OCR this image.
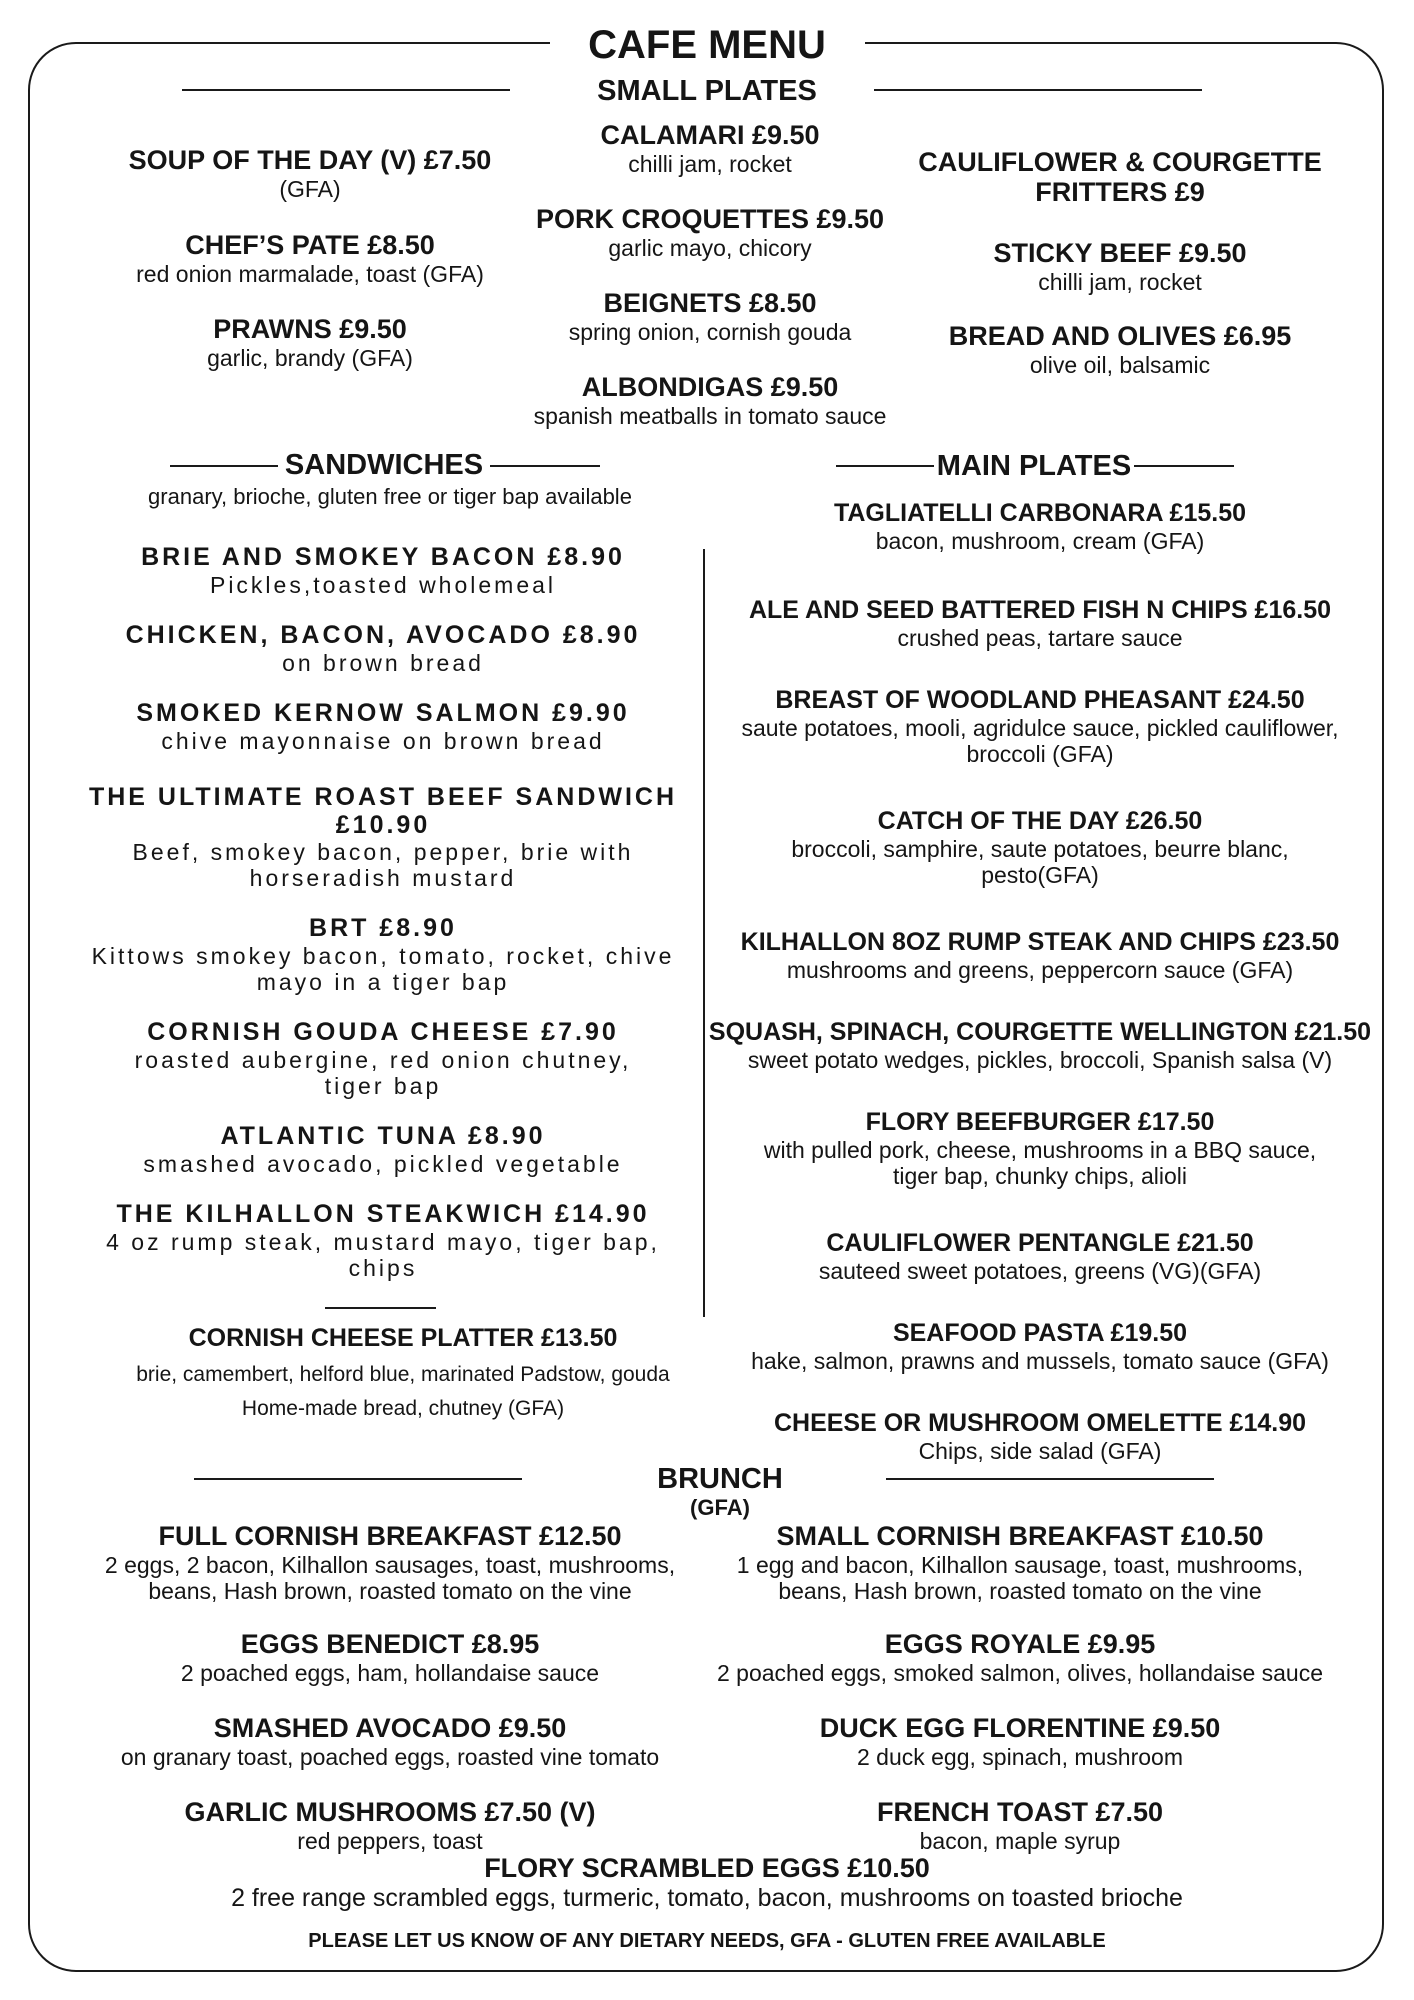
CAFE MENU
SMALL PLATES
SOUP OF THE DAY (V) £7.50
(GFA)
CHEF’S PATE £8.50
red onion marmalade, toast (GFA)
PRAWNS £9.50
garlic, brandy (GFA)
CALAMARI £9.50
chilli jam, rocket
PORK CROQUETTES £9.50
garlic mayo, chicory
BEIGNETS £8.50
spring onion, cornish gouda
ALBONDIGAS £9.50
spanish meatballs in tomato sauce
CAULIFLOWER & COURGETTE
FRITTERS £9
STICKY BEEF £9.50
chilli jam, rocket
BREAD AND OLIVES £6.95
olive oil, balsamic
SANDWICHES
granary, brioche, gluten free or tiger bap available
MAIN PLATES
BRIE AND SMOKEY BACON £8.90
Pickles,toasted wholemeal
CHICKEN, BACON, AVOCADO £8.90
on brown bread
SMOKED KERNOW SALMON £9.90
chive mayonnaise on brown bread
THE ULTIMATE ROAST BEEF SANDWICH
£10.90
Beef, smokey bacon, pepper, brie with
horseradish mustard
BRT £8.90
Kittows smokey bacon, tomato, rocket, chive
mayo in a tiger bap
CORNISH GOUDA CHEESE £7.90
roasted aubergine, red onion chutney,
tiger bap
ATLANTIC TUNA £8.90
smashed avocado, pickled vegetable
THE KILHALLON STEAKWICH £14.90
4 oz rump steak, mustard mayo, tiger bap,
chips
CORNISH CHEESE PLATTER £13.50
brie, camembert, helford blue, marinated Padstow, gouda
Home-made bread, chutney (GFA)
TAGLIATELLI CARBONARA £15.50
bacon, mushroom, cream (GFA)
ALE AND SEED BATTERED FISH N CHIPS £16.50
crushed peas, tartare sauce
BREAST OF WOODLAND PHEASANT £24.50
saute potatoes, mooli, agridulce sauce, pickled cauliflower,
broccoli (GFA)
CATCH OF THE DAY £26.50
broccoli, samphire, saute potatoes, beurre blanc,
pesto(GFA)
KILHALLON 8OZ RUMP STEAK AND CHIPS £23.50
mushrooms and greens, peppercorn sauce (GFA)
SQUASH, SPINACH, COURGETTE WELLINGTON £21.50
sweet potato wedges, pickles, broccoli, Spanish salsa (V)
FLORY BEEFBURGER £17.50
with pulled pork, cheese, mushrooms in a BBQ sauce,
tiger bap, chunky chips, alioli
CAULIFLOWER PENTANGLE £21.50
sauteed sweet potatoes, greens (VG)(GFA)
SEAFOOD PASTA £19.50
hake, salmon, prawns and mussels, tomato sauce (GFA)
CHEESE OR MUSHROOM OMELETTE £14.90
Chips, side salad (GFA)
BRUNCH
(GFA)
FULL CORNISH BREAKFAST £12.50
2 eggs, 2 bacon, Kilhallon sausages, toast, mushrooms,
beans, Hash brown, roasted tomato on the vine
EGGS BENEDICT £8.95
2 poached eggs, ham, hollandaise sauce
SMASHED AVOCADO £9.50
on granary toast, poached eggs, roasted vine tomato
GARLIC MUSHROOMS £7.50 (V)
red peppers, toast
SMALL CORNISH BREAKFAST £10.50
1 egg and bacon, Kilhallon sausage, toast, mushrooms,
beans, Hash brown, roasted tomato on the vine
EGGS ROYALE £9.95
2 poached eggs, smoked salmon, olives, hollandaise sauce
DUCK EGG FLORENTINE £9.50
2 duck egg, spinach, mushroom
FRENCH TOAST £7.50
bacon, maple syrup
FLORY SCRAMBLED EGGS £10.50
2 free range scrambled eggs, turmeric, tomato, bacon, mushrooms on toasted brioche
PLEASE LET US KNOW OF ANY DIETARY NEEDS, GFA - GLUTEN FREE AVAILABLE
